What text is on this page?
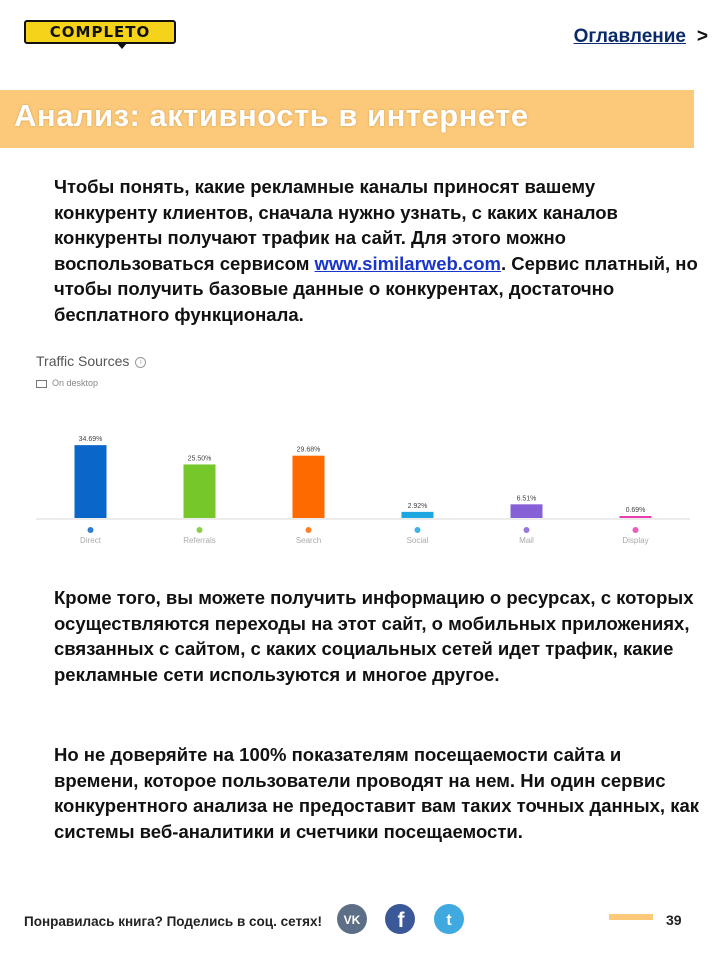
COMPLETO	Оглавление >
Анализ: активность в интернете
Чтобы понять, какие рекламные каналы приносят вашему конкуренту клиентов, сначала нужно узнать, с каких каналов конкуренты получают трафик на сайт. Для этого можно воспользоваться сервисом www.similarweb.com. Сервис платный, но чтобы получить базовые данные о конкурентах, достаточно бесплатного функционала.
Traffic Sources i
On desktop
34.69%
Direct
25.50%
Referrals
29.68%
Search
2.92%
Social
6.51%
Mail
0.69%
Display
Кроме того, вы можете получить информацию о ресурсах, с которых осуществляются переходы на этот сайт, о мобильных приложениях, связанных с сайтом, с каких социальных сетей идет трафик, какие рекламные сети используются и многое другое.
Но не доверяйте на 100% показателям посещаемости сайта и времени, которое пользователи проводят на нем. Ни один сервис конкурентного анализа не предоставит вам таких точных данных, как системы веб-аналитики и счетчики посещаемости.
Понравилась книга? Поделись в соц. сетях! VK f	t	39
